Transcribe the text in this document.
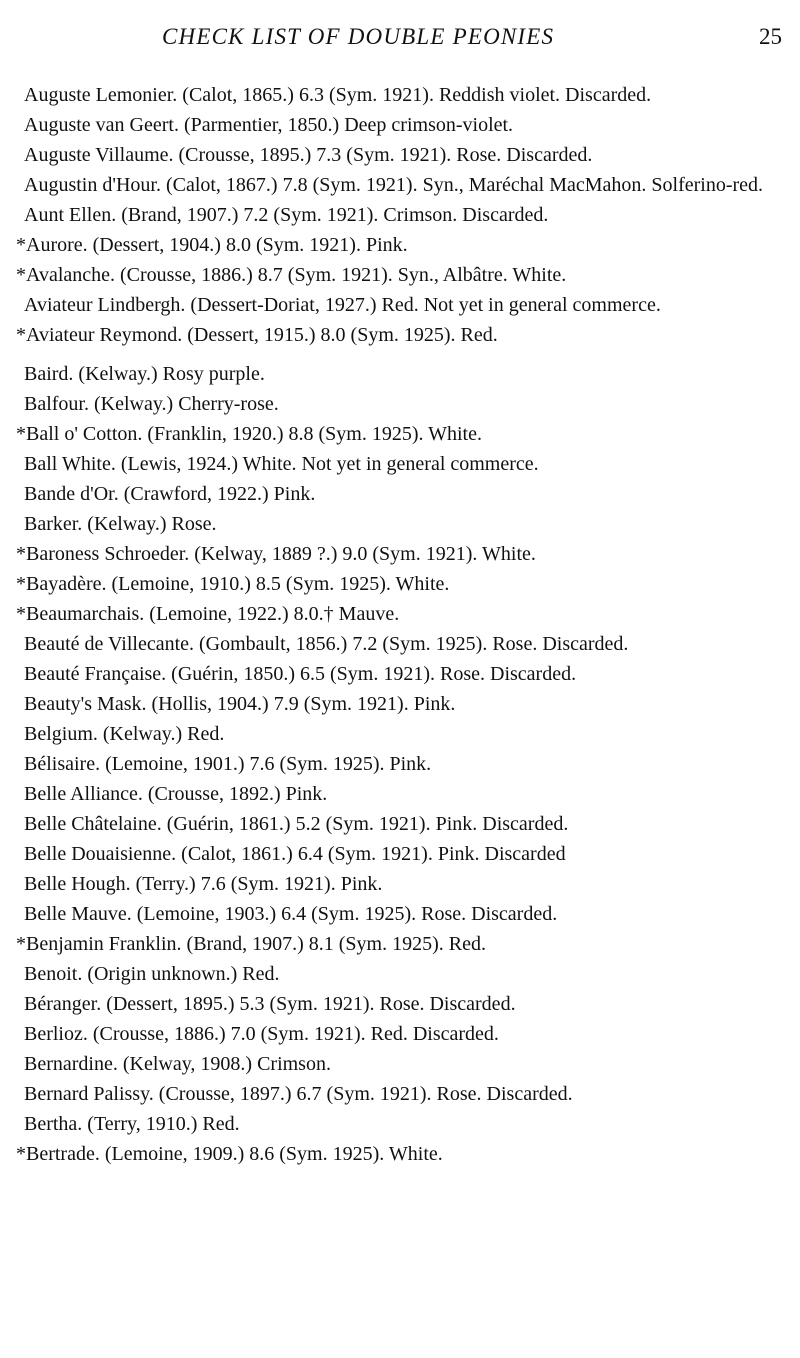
CHECK LIST OF DOUBLE PEONIES	25
Auguste Lemonier. (Calot, 1865.) 6.3 (Sym. 1921). Reddish violet. Discarded.
Auguste van Geert. (Parmentier, 1850.) Deep crimson-violet.
Auguste Villaume. (Crousse, 1895.) 7.3 (Sym. 1921). Rose. Discarded.
Augustin d'Hour. (Calot, 1867.) 7.8 (Sym. 1921). Syn., Maréchal MacMahon. Solferino-red.
Aunt Ellen. (Brand, 1907.) 7.2 (Sym. 1921). Crimson. Discarded.
*Aurore. (Dessert, 1904.) 8.0 (Sym. 1921). Pink.
*Avalanche. (Crousse, 1886.) 8.7 (Sym. 1921). Syn., Albâtre. White.
Aviateur Lindbergh. (Dessert-Doriat, 1927.) Red. Not yet in general commerce.
*Aviateur Reymond. (Dessert, 1915.) 8.0 (Sym. 1925). Red.
Baird. (Kelway.) Rosy purple.
Balfour. (Kelway.) Cherry-rose.
*Ball o' Cotton. (Franklin, 1920.) 8.8 (Sym. 1925). White.
Ball White. (Lewis, 1924.) White. Not yet in general commerce.
Bande d'Or. (Crawford, 1922.) Pink.
Barker. (Kelway.) Rose.
*Baroness Schroeder. (Kelway, 1889 ?.) 9.0 (Sym. 1921). White.
*Bayadère. (Lemoine, 1910.) 8.5 (Sym. 1925). White.
*Beaumarchais. (Lemoine, 1922.) 8.0.† Mauve.
Beauté de Villecante. (Gombault, 1856.) 7.2 (Sym. 1925). Rose. Discarded.
Beauté Française. (Guérin, 1850.) 6.5 (Sym. 1921). Rose. Discarded.
Beauty's Mask. (Hollis, 1904.) 7.9 (Sym. 1921). Pink.
Belgium. (Kelway.) Red.
Bélisaire. (Lemoine, 1901.) 7.6 (Sym. 1925). Pink.
Belle Alliance. (Crousse, 1892.) Pink.
Belle Châtelaine. (Guérin, 1861.) 5.2 (Sym. 1921). Pink. Discarded.
Belle Douaisienne. (Calot, 1861.) 6.4 (Sym. 1921). Pink. Discarded
Belle Hough. (Terry.) 7.6 (Sym. 1921). Pink.
Belle Mauve. (Lemoine, 1903.) 6.4 (Sym. 1925). Rose. Discarded.
*Benjamin Franklin. (Brand, 1907.) 8.1 (Sym. 1925). Red.
Benoit. (Origin unknown.) Red.
Béranger. (Dessert, 1895.) 5.3 (Sym. 1921). Rose. Discarded.
Berlioz. (Crousse, 1886.) 7.0 (Sym. 1921). Red. Discarded.
Bernardine. (Kelway, 1908.) Crimson.
Bernard Palissy. (Crousse, 1897.) 6.7 (Sym. 1921). Rose. Discarded.
Bertha. (Terry, 1910.) Red.
*Bertrade. (Lemoine, 1909.) 8.6 (Sym. 1925). White.
